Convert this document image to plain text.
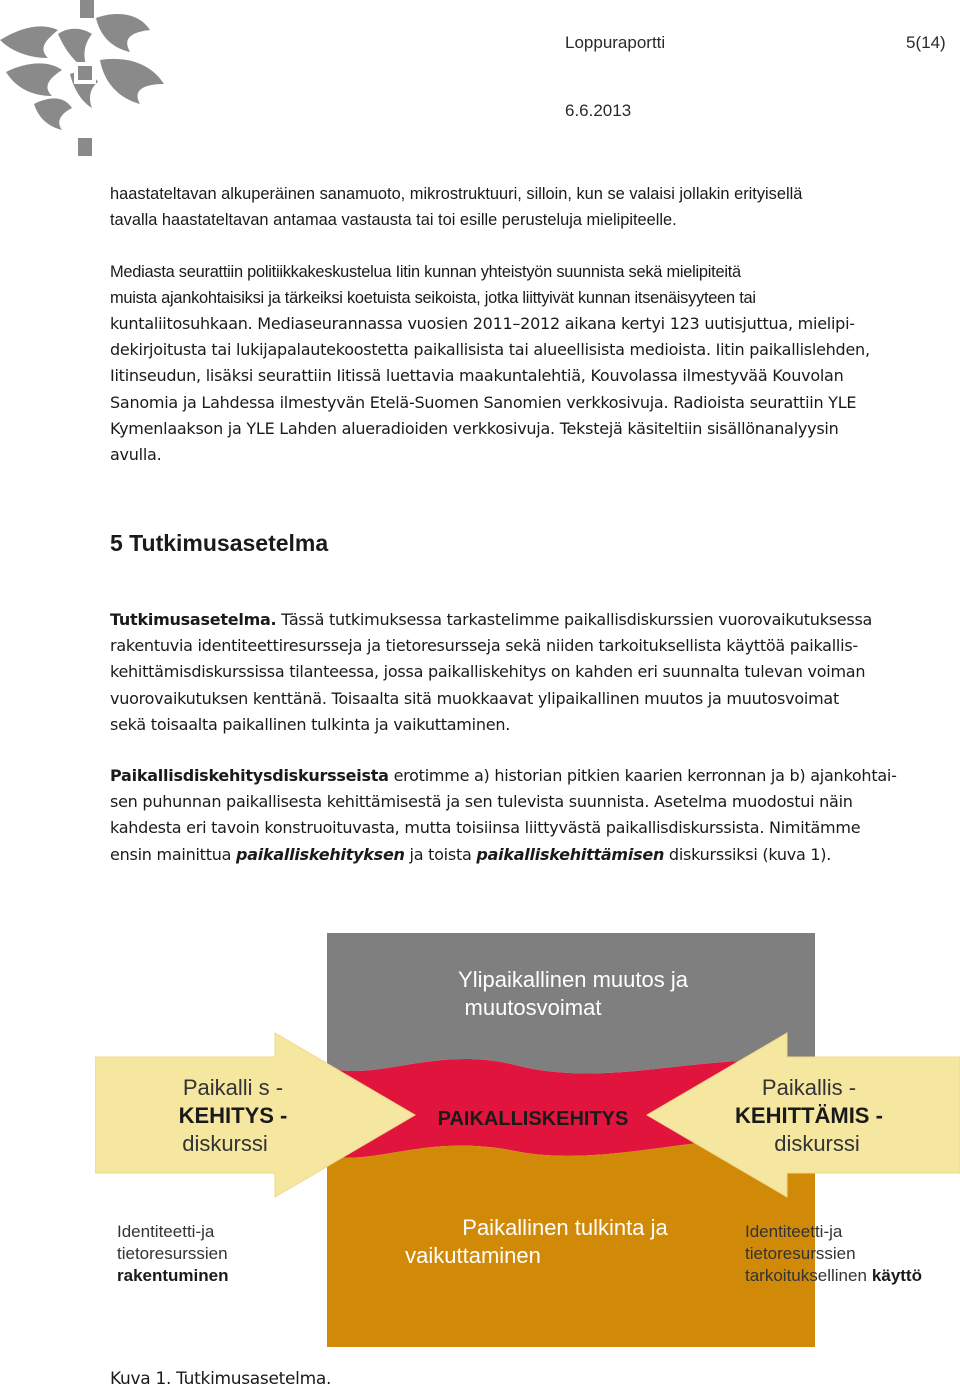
Loppuraportti	5(14)
6.6.2013

haastateltavan alkuperäinen sanamuoto, mikrostruktuuri, silloin, kun se valaisi jollakin erityisellä
tavalla haastateltavan antamaa vastausta tai toi esille perusteluja mielipiteelle.

Mediasta seurattiin politiikkakeskustelua Iitin kunnan yhteistyön suunnista sekä mielipiteitä
muista ajankohtaisiksi ja tärkeiksi koetuista seikoista, jotka liittyivät kunnan itsenäisyyteen tai
kuntaliitosuhkaan. Mediaseurannassa vuosien 2011–2012 aikana kertyi 123 uutisjuttua, mielipi-
dekirjoitusta tai lukijapalautekoostetta paikallisista tai alueellisista medioista. Iitin paikallislehden,
Iitinseudun, lisäksi seurattiin Iitissä luettavia maakuntalehtiä, Kouvolassa ilmestyvää Kouvolan
Sanomia ja Lahdessa ilmestyvän Etelä-Suomen Sanomien verkkosivuja. Radioista seurattiin YLE
Kymenlaakson ja YLE Lahden alueradioiden verkkosivuja. Tekstejä käsiteltiin sisällönanalyysin
avulla.

5 Tutkimusasetelma

Tutkimusasetelma. Tässä tutkimuksessa tarkastelimme paikallisdiskurssien vuorovaikutuksessa
rakentuvia identiteettiresursseja ja tietoresursseja sekä niiden tarkoituksellista käyttöä paikallis-
kehittämisdiskurssissa tilanteessa, jossa paikalliskehitys on kahden eri suunnalta tulevan voiman
vuorovaikutuksen kenttänä. Toisaalta sitä muokkaavat ylipaikallinen muutos ja muutosvoimat
sekä toisaalta paikallinen tulkinta ja vaikuttaminen.

Paikallisdiskehitysdiskursseista erotimme a) historian pitkien kaarien kerronnan ja b) ajankohtai-
sen puhunnan paikallisesta kehittämisestä ja sen tulevista suunnista. Asetelma muodostui näin
kahdesta eri tavoin konstruoituvasta, mutta toisiinsa liittyvästä paikallisdiskurssista. Nimitämme
ensin mainittua paikalliskehityksen ja toista paikalliskehittämisen diskurssiksi (kuva 1).

Ylipaikallinen muutos ja
muutosvoimat
PAIKALLISKEHITYS
Paikallinen tulkinta ja
vaikuttaminen
Paikalli s -
KEHITYS -
diskurssi
Paikallis -
KEHITTÄMIS -
diskurssi
Identiteetti-ja
tietoresurssien
rakentuminen
Identiteetti-ja
tietoresurssien
tarkoituksellinen käyttö
Kuva 1. Tutkimusasetelma.
